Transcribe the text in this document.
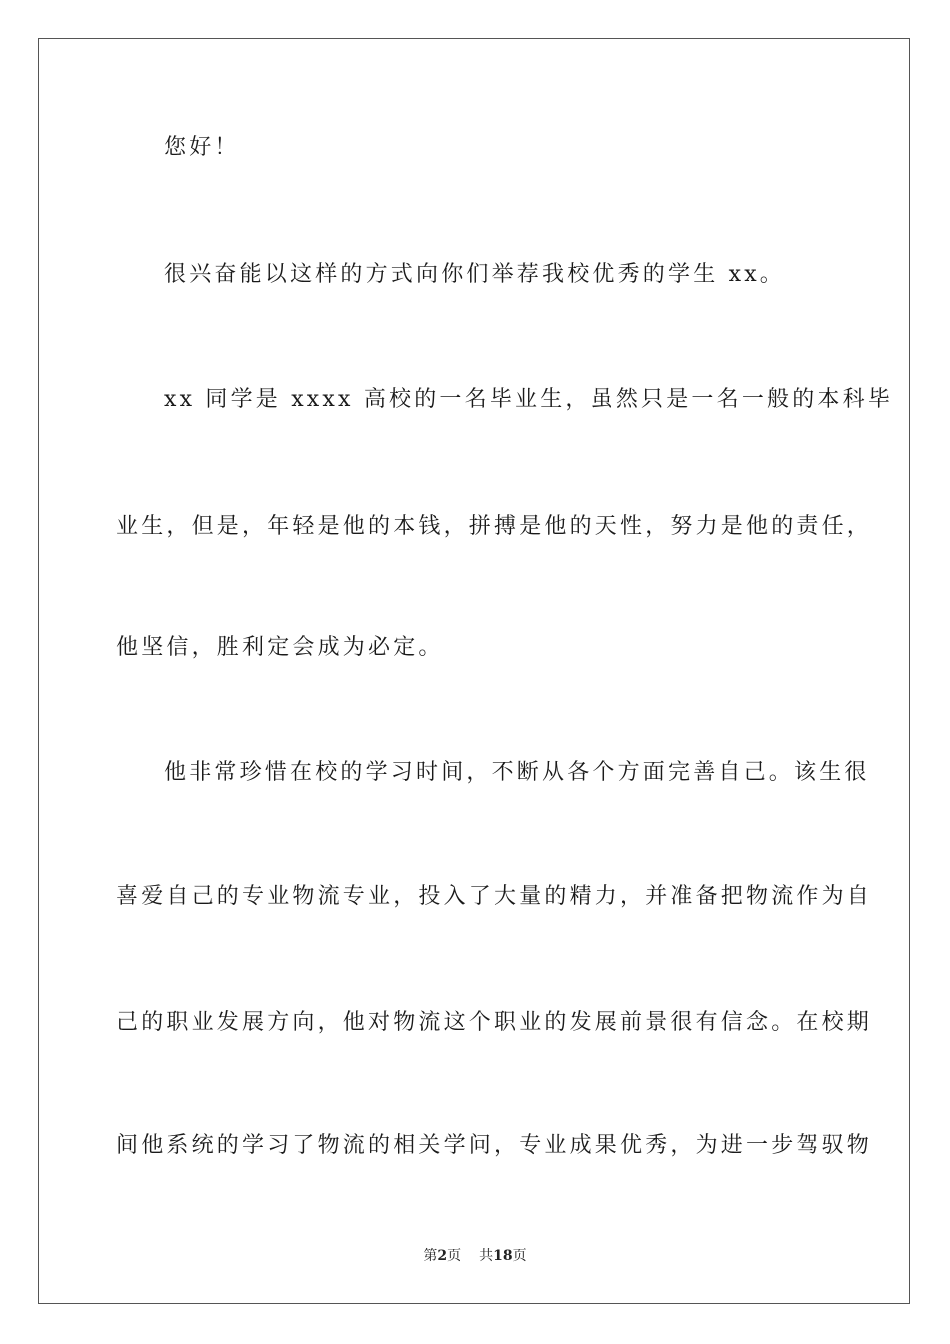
您好！
很兴奋能以这样的方式向你们举荐我校优秀的学生 xx。
xx 同学是 xxxx 高校的一名毕业生，虽然只是一名一般的本科毕
业生，但是，年轻是他的本钱，拼搏是他的天性，努力是他的责任，
他坚信，胜利定会成为必定。
他非常珍惜在校的学习时间，不断从各个方面完善自己。该生很
喜爱自己的专业物流专业，投入了大量的精力，并准备把物流作为自
己的职业发展方向，他对物流这个职业的发展前景很有信念。在校期
间他系统的学习了物流的相关学问，专业成果优秀，为进一步驾驭物
第2页 共18页
